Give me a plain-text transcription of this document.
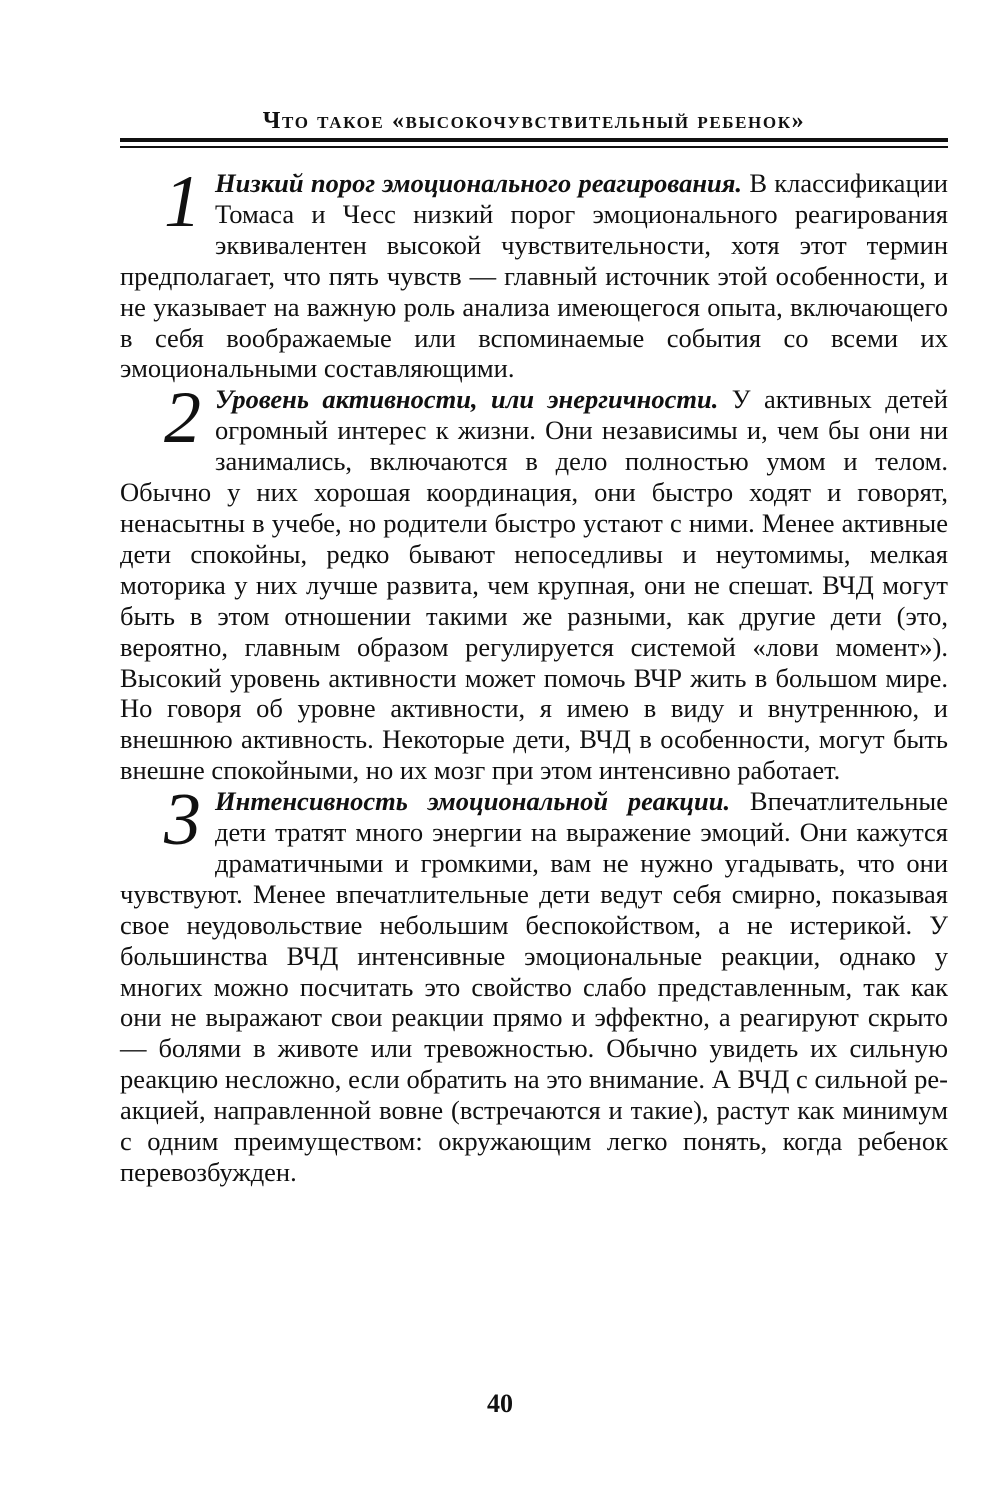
Что такое «высокочувствительный ребенок»

1 Низкий порог эмоционального реагирования. В классификации Томаса и Чесс низкий порог эмоционального реагирования эквивалентен высокой чувствительности, хотя этот термин предполагает, что пять чувств — главный источник этой особенности, и не указывает на важную роль анализа имеющегося опыта, включающего в себя воображаемые или вспоминаемые события со всеми их эмоциональными составляющими.

2 Уровень активности, или энергичности. У активных детей огромный интерес к жизни. Они независимы и, чем бы они ни занимались, включаются в дело полностью умом и телом. Обычно у них хорошая координация, они быстро ходят и говорят, ненасытны в учебе, но родители быстро устают с ними. Менее активные дети спокойны, редко бывают непоседливы и неутомимы, мелкая моторика у них лучше развита, чем крупная, они не спешат. ВЧД могут быть в этом отношении такими же разными, как другие дети (это, вероятно, главным образом регулируется системой «лови момент»). Высокий уровень активности может помочь ВЧР жить в большом мире. Но говоря об уровне активности, я имею в виду и внутреннюю, и внешнюю активность. Некоторые дети, ВЧД в особенности, могут быть внешне спокойными, но их мозг при этом интенсивно работает.

3 Интенсивность эмоциональной реакции. Впечатлительные дети тратят много энергии на выражение эмоций. Они кажутся драматичными и громкими, вам не нужно угадывать, что они чувствуют. Менее впечатлительные дети ведут себя смирно, показывая свое неудовольствие небольшим беспокойством, а не истерикой. У большинства ВЧД интенсивные эмоциональные реакции, однако у многих можно посчитать это свойство слабо представленным, так как они не выражают свои реакции прямо и эффектно, а реагируют скрыто — болями в животе или тревожностью. Обычно увидеть их сильную реакцию несложно, если обратить на это внимание. А ВЧД с сильной реакцией, направленной вовне (встречаются и такие), растут как минимум с одним преимуществом: окружающим легко понять, когда ребенок перевозбужден.

40
